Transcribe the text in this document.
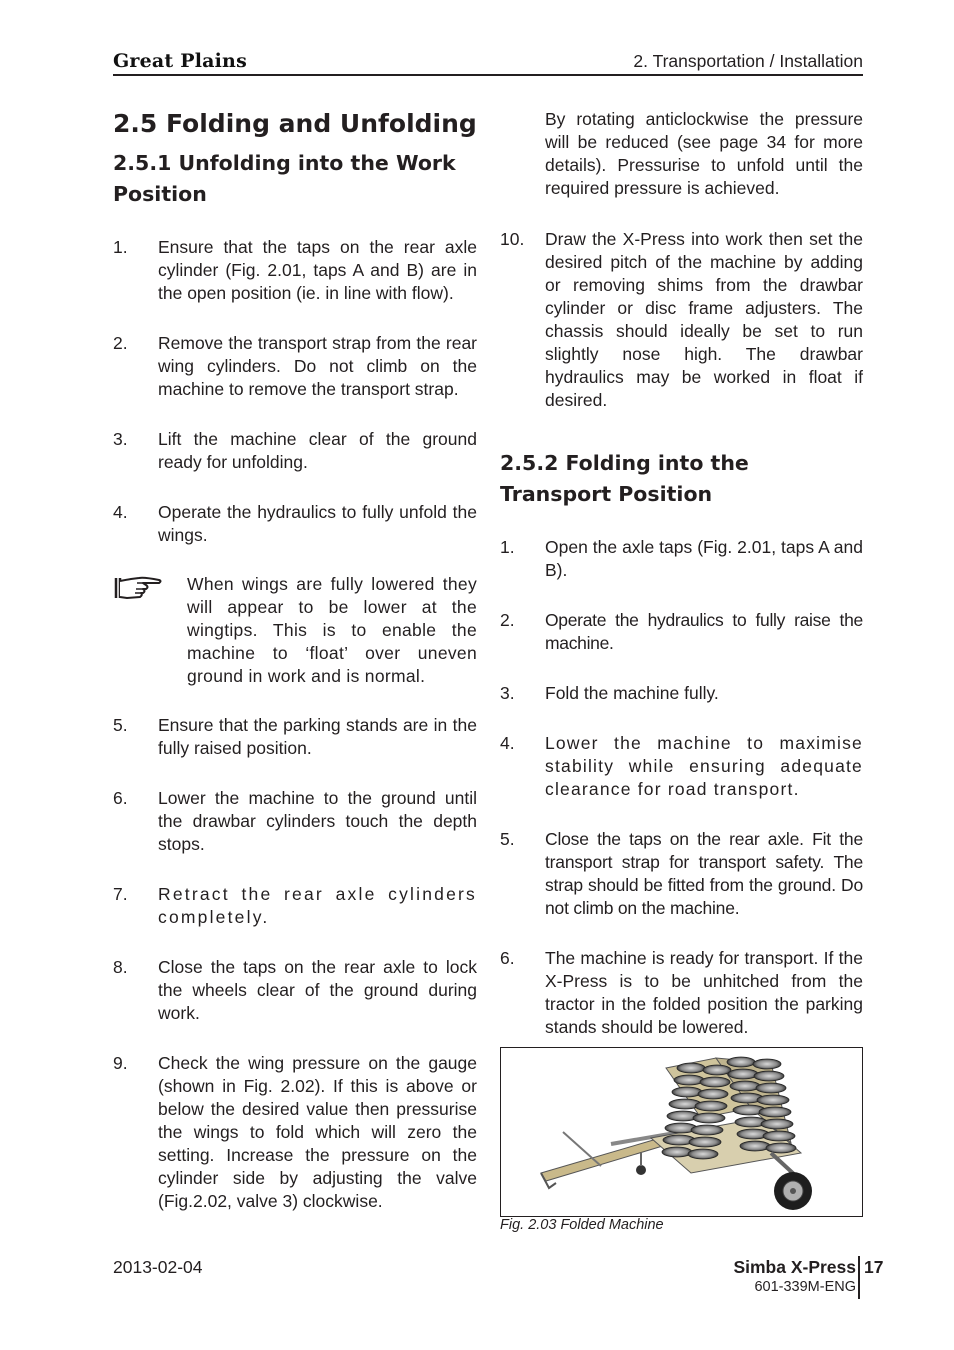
Great Plains	2. Transportation / Installation
2.5 Folding and Unfolding
2.5.1 Unfolding into the Work Position
1.	Ensure that the taps on the rear axle cylinder (Fig. 2.01, taps A and B) are in the open position (ie. in line with flow).
2.	Remove the transport strap from the rear wing cylinders. Do not climb on the machine to remove the transport strap.
3.	Lift the machine clear of the ground ready for unfolding.
4.	Operate the hydraulics to fully unfold the wings.
When wings are fully lowered they will appear to be lower at the wingtips. This is to enable the machine to ‘float’ over uneven ground in work and is normal.
5.	Ensure that the parking stands are in the fully raised position.
6.	Lower the machine to the ground until the drawbar cylinders touch the depth stops.
7.	Retract the rear axle cylinders completely.
8.	Close the taps on the rear axle to lock the wheels clear of the ground during work.
9.	Check the wing pressure on the gauge (shown in Fig. 2.02). If this is above or below the desired value then pressurise the wings to fold which will zero the setting. Increase the pressure on the cylinder side by adjusting the valve (Fig.2.02, valve 3) clockwise.

By rotating anticlockwise the pressure will be reduced (see page 34 for more details). Pressurise to unfold until the required pressure is achieved.

10.	Draw the X-Press into work then set the desired pitch of the machine by adding or removing shims from the drawbar cylinder or disc frame adjusters. The chassis should ideally be set to run slightly nose high. The drawbar hydraulics may be worked in float if desired.
2.5.2 Folding into the Transport Position
1.	Open the axle taps (Fig. 2.01, taps A and B).
2.	Operate the hydraulics to fully raise the machine.
3.	Fold the machine fully.
4.	Lower the machine to maximise stability while ensuring adequate clearance for road transport.
5.	Close the taps on the rear axle. Fit the transport strap for transport safety. The strap should be fitted from the ground. Do not climb on the machine.
6.	The machine is ready for transport. If the X-Press is to be unhitched from the tractor in the folded position the parking stands should be lowered.
Fig. 2.03 Folded Machine
2013-02-04	Simba X-Press
601-339M-ENG
17
